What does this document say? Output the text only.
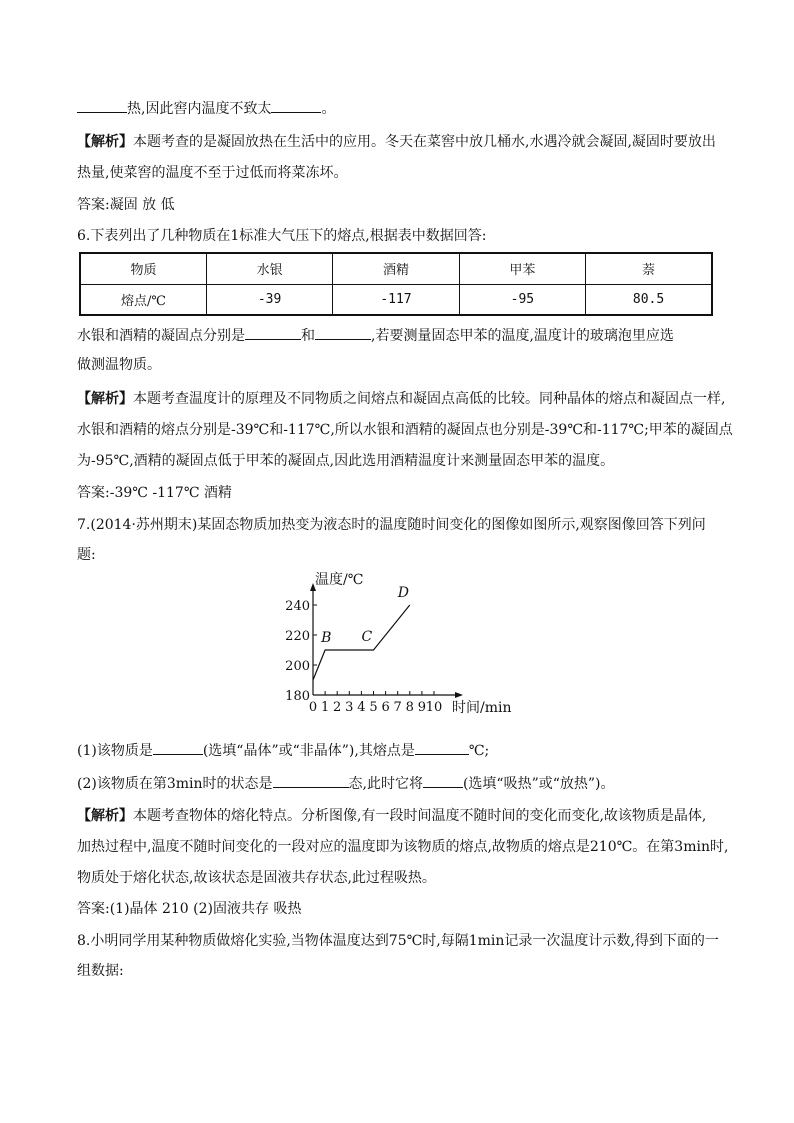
热,因此窖内温度不致太	。
【解析】本题考查的是凝固放热在生活中的应用。冬天在菜窖中放几桶水,水遇冷就会凝固,凝固时要放出
热量,使菜窖的温度不至于过低而将菜冻坏。
答案:凝固 放 低
6.下表列出了几种物质在1标准大气压下的熔点,根据表中数据回答:
物质	水银	酒精	甲苯	萘
熔点/℃	-39	-117	-95	80.5
水银和酒精的凝固点分别是	和	,若要测量固态甲苯的温度,温度计的玻璃泡里应选
做测温物质。
【解析】本题考查温度计的原理及不同物质之间熔点和凝固点高低的比较。同种晶体的熔点和凝固点一样,
水银和酒精的熔点分别是-39℃和-117℃,所以水银和酒精的凝固点也分别是-39℃和-117℃;甲苯的凝固点
为-95℃,酒精的凝固点低于甲苯的凝固点,因此选用酒精温度计来测量固态甲苯的温度。
答案:-39℃ -117℃ 酒精
7.(2014·苏州期末)某固态物质加热变为液态时的温度随时间变化的图像如图所示,观察图像回答下列问
题:
0 1 2 3 4 5 6 7 8 9 10
180
200
220
240
温度/℃
时间/min
B C
D
(1)该物质是	(选填“晶体”或“非晶体”),其熔点是	℃;
(2)该物质在第3min时的状态是	态,此时它将	(选填“吸热”或“放热”)。
【解析】本题考查物体的熔化特点。分析图像,有一段时间温度不随时间的变化而变化,故该物质是晶体,
加热过程中,温度不随时间变化的一段对应的温度即为该物质的熔点,故物质的熔点是210℃。在第3min时,
物质处于熔化状态,故该状态是固液共存状态,此过程吸热。
答案:(1)晶体 210 (2)固液共存 吸热
8.小明同学用某种物质做熔化实验,当物体温度达到75℃时,每隔1min记录一次温度计示数,得到下面的一
组数据:
